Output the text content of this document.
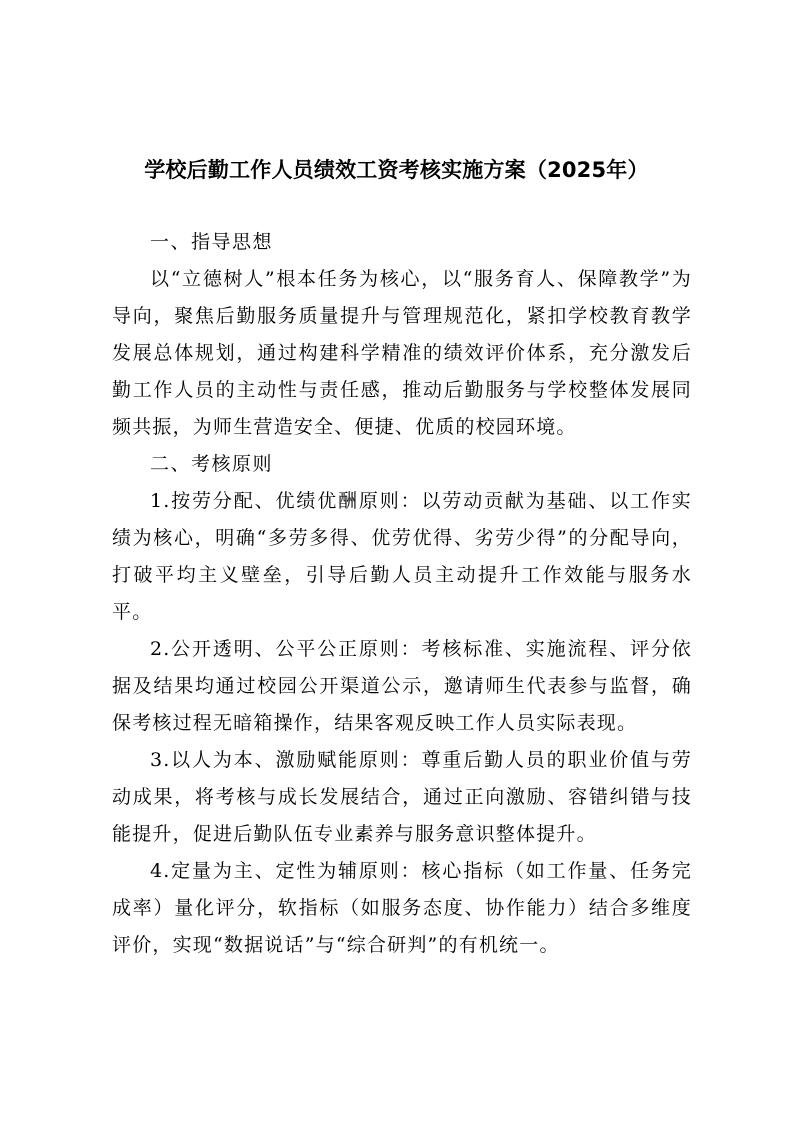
学校后勤工作人员绩效工资考核实施方案（2025年）
一、指导思想

以“立德树人”根本任务为核心，以“服务育人、保障教学”为导向，聚焦后勤服务质量提升与管理规范化，紧扣学校教育教学发展总体规划，通过构建科学精准的绩效评价体系，充分激发后勤工作人员的主动性与责任感，推动后勤服务与学校整体发展同频共振，为师生营造安全、便捷、优质的校园环境。

二、考核原则

1.按劳分配、优绩优酬原则：以劳动贡献为基础、以工作实绩为核心，明确“多劳多得、优劳优得、劣劳少得”的分配导向，打破平均主义壁垒，引导后勤人员主动提升工作效能与服务水平。

2.公开透明、公平公正原则：考核标准、实施流程、评分依据及结果均通过校园公开渠道公示，邀请师生代表参与监督，确保考核过程无暗箱操作，结果客观反映工作人员实际表现。

3.以人为本、激励赋能原则：尊重后勤人员的职业价值与劳动成果，将考核与成长发展结合，通过正向激励、容错纠错与技能提升，促进后勤队伍专业素养与服务意识整体提升。

4.定量为主、定性为辅原则：核心指标（如工作量、任务完成率）量化评分，软指标（如服务态度、协作能力）结合多维度评价，实现“数据说话”与“综合研判”的有机统一。
